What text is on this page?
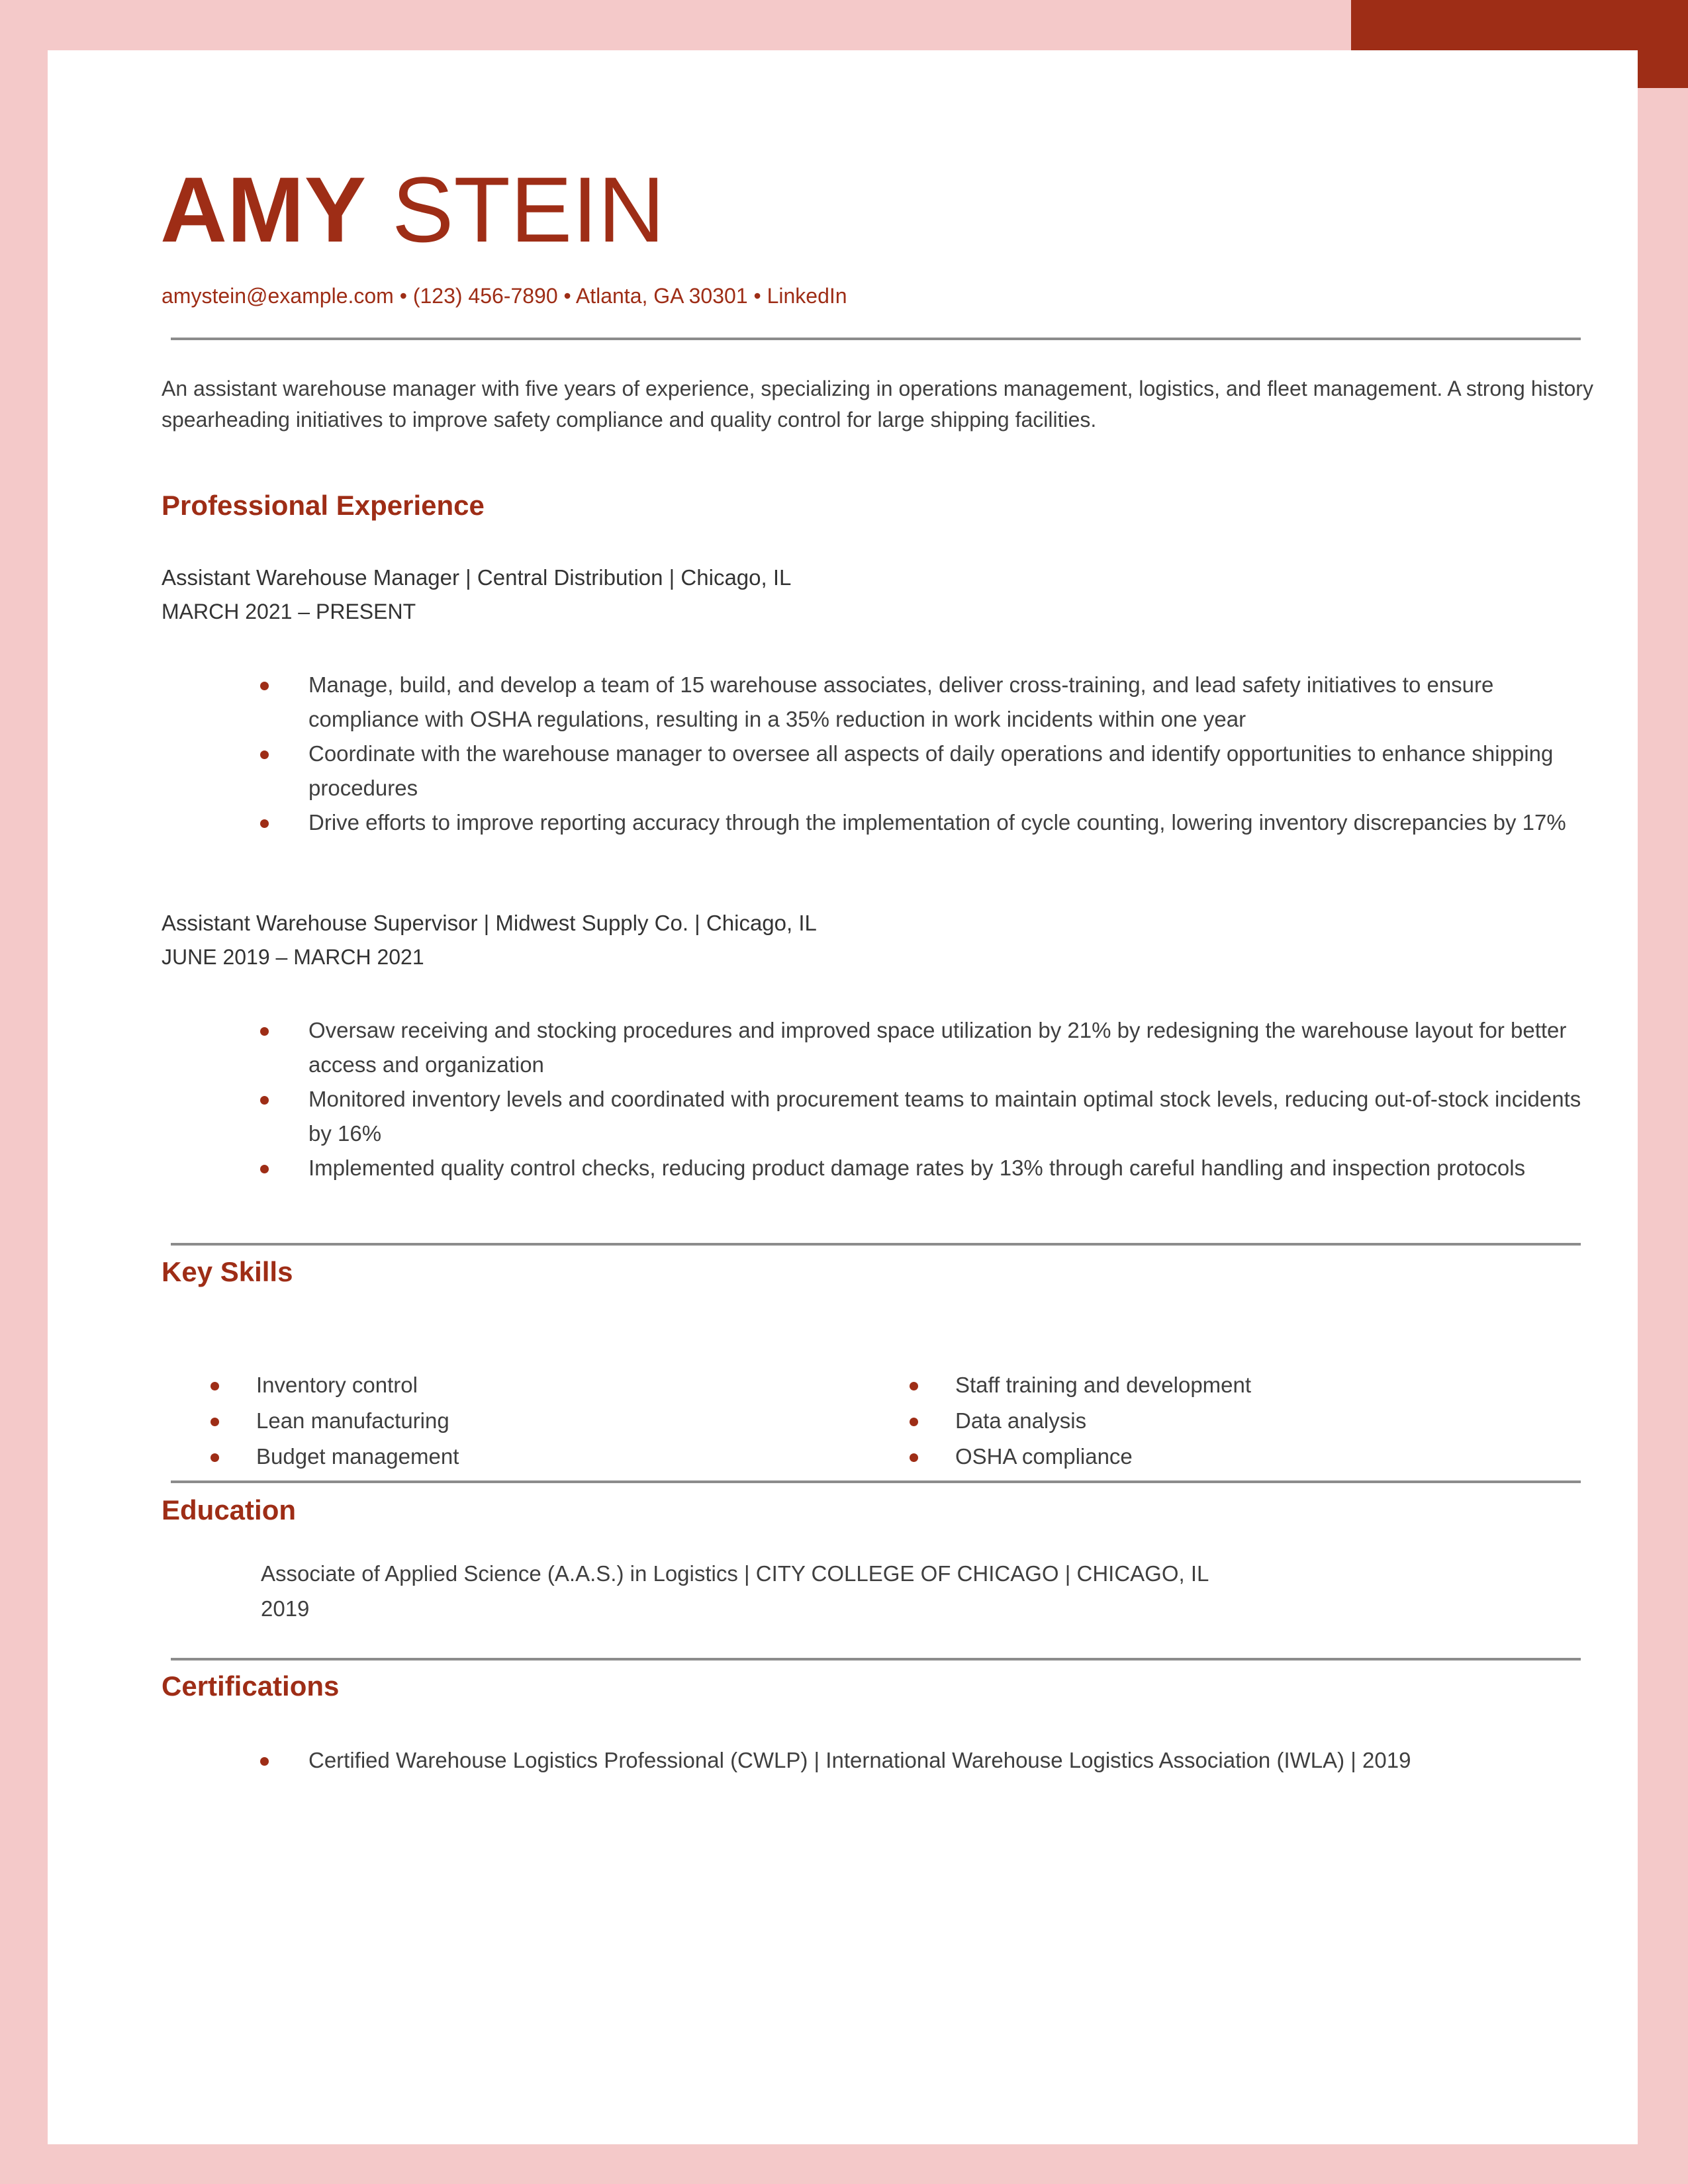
AMY STEIN
amystein@example.com • (123) 456-7890 • Atlanta, GA 30301 • LinkedIn
An assistant warehouse manager with five years of experience, specializing in operations management, logistics, and fleet management. A strong history spearheading initiatives to improve safety compliance and quality control for large shipping facilities.
Professional Experience
Assistant Warehouse Manager | Central Distribution | Chicago, IL
MARCH 2021 – PRESENT
Manage, build, and develop a team of 15 warehouse associates, deliver cross-training, and lead safety initiatives to ensure compliance with OSHA regulations, resulting in a 35% reduction in work incidents within one year
Coordinate with the warehouse manager to oversee all aspects of daily operations and identify opportunities to enhance shipping procedures
Drive efforts to improve reporting accuracy through the implementation of cycle counting, lowering inventory discrepancies by 17%
Assistant Warehouse Supervisor | Midwest Supply Co. | Chicago, IL
JUNE 2019 – MARCH 2021
Oversaw receiving and stocking procedures and improved space utilization by 21% by redesigning the warehouse layout for better access and organization
Monitored inventory levels and coordinated with procurement teams to maintain optimal stock levels, reducing out-of-stock incidents by 16%
Implemented quality control checks, reducing product damage rates by 13% through careful handling and inspection protocols
Key Skills
Inventory control
Lean manufacturing
Budget management
Staff training and development
Data analysis
OSHA compliance
Education
Associate of Applied Science (A.A.S.) in Logistics | CITY COLLEGE OF CHICAGO | CHICAGO, IL
2019
Certifications
Certified Warehouse Logistics Professional (CWLP) | International Warehouse Logistics Association (IWLA) | 2019
